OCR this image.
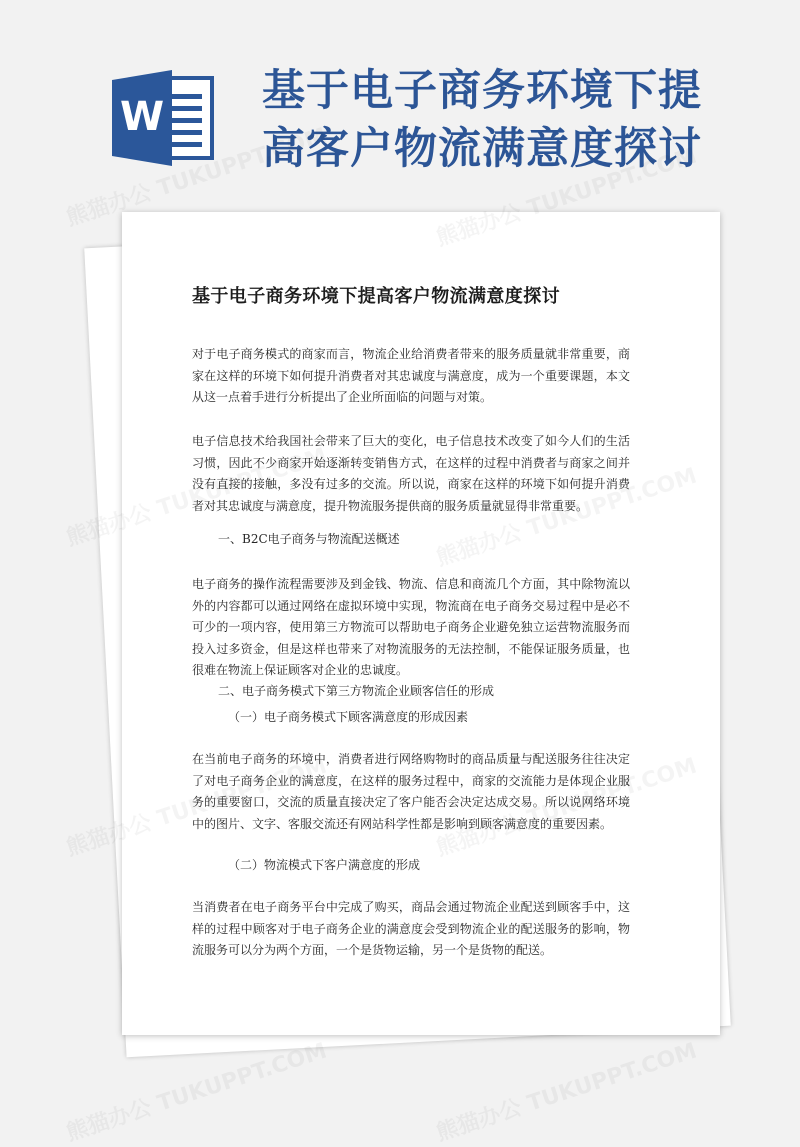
W
基于电子商务环境下提
高客户物流满意度探讨
基于电子商务环境下提高客户物流满意度探讨

对于电子商务模式的商家而言，物流企业给消费者带来的服务质量就非常重要，商家在这样的环境下如何提升消费者对其忠诚度与满意度，成为一个重要课题，本文从这一点着手进行分析提出了企业所面临的问题与对策。

电子信息技术给我国社会带来了巨大的变化，电子信息技术改变了如今人们的生活习惯，因此不少商家开始逐渐转变销售方式，在这样的过程中消费者与商家之间并没有直接的接触，多没有过多的交流。所以说，商家在这样的环境下如何提升消费者对其忠诚度与满意度，提升物流服务提供商的服务质量就显得非常重要。

一、B2C电子商务与物流配送概述

电子商务的操作流程需要涉及到金钱、物流、信息和商流几个方面，其中除物流以外的内容都可以通过网络在虚拟环境中实现，物流商在电子商务交易过程中是必不可少的一项内容，使用第三方物流可以帮助电子商务企业避免独立运营物流服务而投入过多资金，但是这样也带来了对物流服务的无法控制，不能保证服务质量，也很难在物流上保证顾客对企业的忠诚度。

二、电子商务模式下第三方物流企业顾客信任的形成

（一）电子商务模式下顾客满意度的形成因素

在当前电子商务的环境中，消费者进行网络购物时的商品质量与配送服务往往决定了对电子商务企业的满意度，在这样的服务过程中，商家的交流能力是体现企业服务的重要窗口，交流的质量直接决定了客户能否会决定达成交易。所以说网络环境中的图片、文字、客服交流还有网站科学性都是影响到顾客满意度的重要因素。

（二）物流模式下客户满意度的形成

当消费者在电子商务平台中完成了购买，商品会通过物流企业配送到顾客手中，这样的过程中顾客对于电子商务企业的满意度会受到物流企业的配送服务的影响，物流服务可以分为两个方面，一个是货物运输，另一个是货物的配送。
